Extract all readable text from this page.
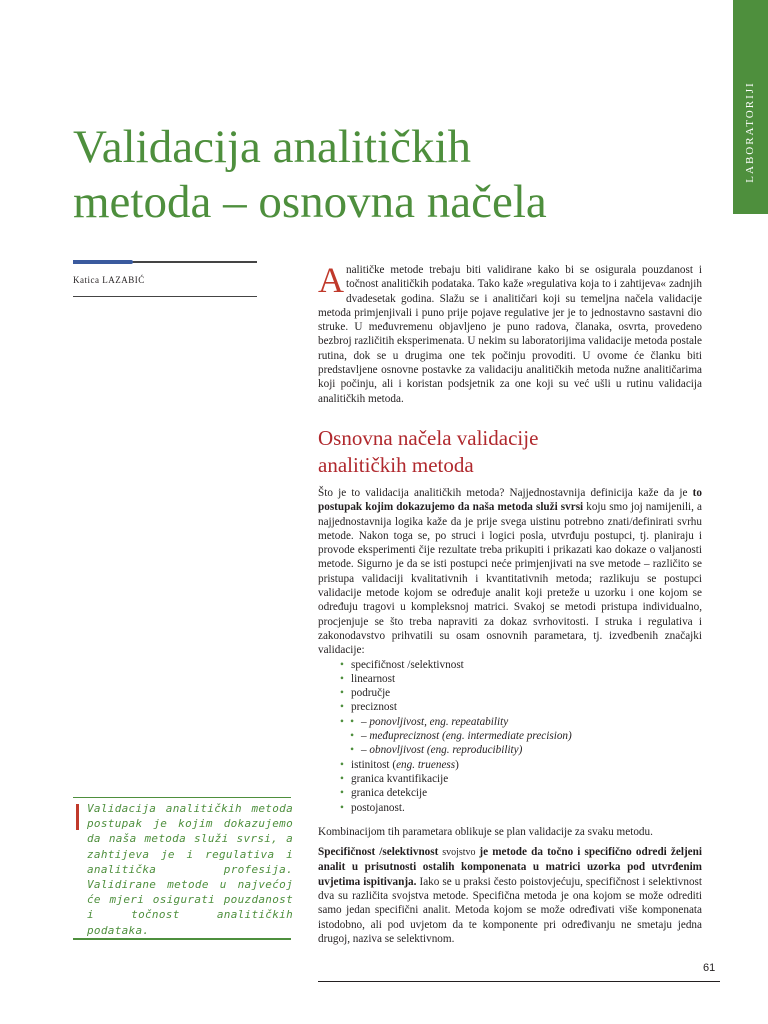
LABORATORIJI
Validacija analitičkih
metoda – osnovna načela
Katica LAZABIĆ	Analitičke metode trebaju biti validirane kako bi se osigurala pouzdanost i točnost analitičkih podataka. Tako kaže »regulativa koja to i zahtijeva« zadnjih dvadesetak godina. Slažu se i analitičari koji su temeljna načela validacije metoda primjenjivali i puno prije pojave regulative jer je to jednostavno sastavni dio struke. U međuvremenu objavljeno je puno radova, članaka, osvrta, provedeno bezbroj različitih eksperimenata. U nekim su laboratorijima validacije metoda postale rutina, dok se u drugima one tek počinju provoditi. U ovome će članku biti predstavljene osnovne postavke za validaciju analitičkih metoda nužne analitičarima koji počinju, ali i koristan podsjetnik za one koji su već ušli u rutinu validacija analitičkih metoda.

Osnovna načela validacije
analitičkih metoda

Što je to validacija analitičkih metoda? Najjednostavnija definicija kaže da je to postupak kojim dokazujemo da naša metoda služi svrsi koju smo joj namijenili, a najjednostavnija logika kaže da je prije svega uistinu potrebno znati/definirati svrhu metode. Nakon toga se, po struci i logici posla, utvrđuju postupci, tj. planiraju i provode eksperimenti čije rezultate treba prikupiti i prikazati kao dokaze o valjanosti metode. Sigurno je da se isti postupci neće primjenjivati na sve metode – različito se pristupa validaciji kvalitativnih i kvantitativnih metoda; razlikuju se postupci validacije metode kojom se određuje analit koji preteže u uzorku i one kojom se određuju tragovi u kompleksnoj matrici. Svakoj se metodi pristupa individualno, procjenjuje se što treba napraviti za dokaz svrhovitosti. I struka i regulativa i zakonodavstvo prihvatili su osam osnovnih parametara, tj. izvedbenih značajki validacije:

• specifičnost /selektivnost
• linearnost
• područje
• preciznost
• • – ponovljivost, eng. repeatability
• – međupreciznost (eng. intermediate precision)
• – obnovljivost (eng. reproducibility)
• istinitost (eng. trueness)
• granica kvantifikacije
• granica detekcije
• postojanost.

Kombinacijom tih parametara oblikuje se plan validacije za svaku metodu.

Specifičnost /selektivnost svojstvo je metode da točno i specifično odredi željeni analit u prisutnosti ostalih komponenata u matrici uzorka pod utvrđenim uvjetima ispitivanja. Iako se u praksi često poistovjećuju, specifičnost i selektivnost dva su različita svojstva metode. Specifična metoda je ona kojom se može odrediti samo jedan specifični analit. Metoda kojom se može određivati više komponenata istodobno, ali pod uvjetom da te komponente pri određivanju ne smetaju jedna drugoj, naziva se selektivnom.

Validacija analitičkih metoda postupak je kojim dokazujemo da naša metoda služi svrsi, a zahtijeva je i regulativa i analitička profesija. Validirane metode u najvećoj će mjeri osigurati pouzdanost i točnost analitičkih podataka.
61
